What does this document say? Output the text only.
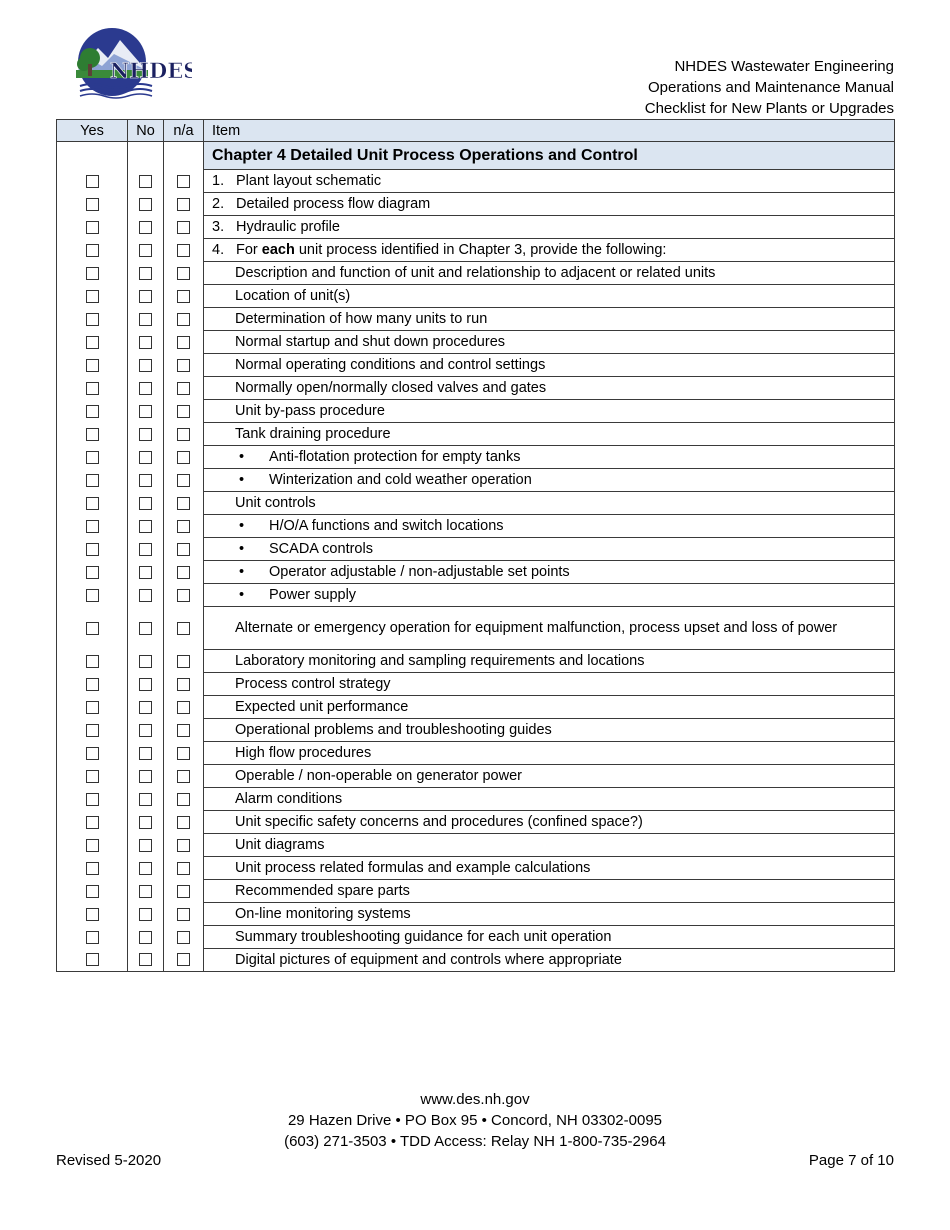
NHDES	NHDES Wastewater Engineering
Operations and Maintenance Manual
Checklist for New Plants or Upgrades
Yes	No	n/a	Item
			Chapter 4 Detailed Unit Process Operations and Control
			1. Plant layout schematic
			2. Detailed process flow diagram
			3. Hydraulic profile
			4. For each unit process identified in Chapter 3, provide the following:
			Description and function of unit and relationship to adjacent or related units
			Location of unit(s)
			Determination of how many units to run
			Normal startup and shut down procedures
			Normal operating conditions and control settings
			Normally open/normally closed valves and gates
			Unit by-pass procedure
			Tank draining procedure
			• Anti-flotation protection for empty tanks
			• Winterization and cold weather operation
			Unit controls
			• H/O/A functions and switch locations
			• SCADA controls
			• Operator adjustable / non-adjustable set points
			• Power supply
			Alternate or emergency operation for equipment malfunction, process upset and loss of power
			Laboratory monitoring and sampling requirements and locations
			Process control strategy
			Expected unit performance
			Operational problems and troubleshooting guides
			High flow procedures
			Operable / non-operable on generator power
			Alarm conditions
			Unit specific safety concerns and procedures (confined space?)
			Unit diagrams
			Unit process related formulas and example calculations
			Recommended spare parts
			On-line monitoring systems
			Summary troubleshooting guidance for each unit operation
			Digital pictures of equipment and controls where appropriate
www.des.nh.gov
29 Hazen Drive • PO Box 95 • Concord, NH 03302-0095
(603) 271-3503 • TDD Access: Relay NH 1-800-735-2964
Revised 5-2020	Page 7 of 10
